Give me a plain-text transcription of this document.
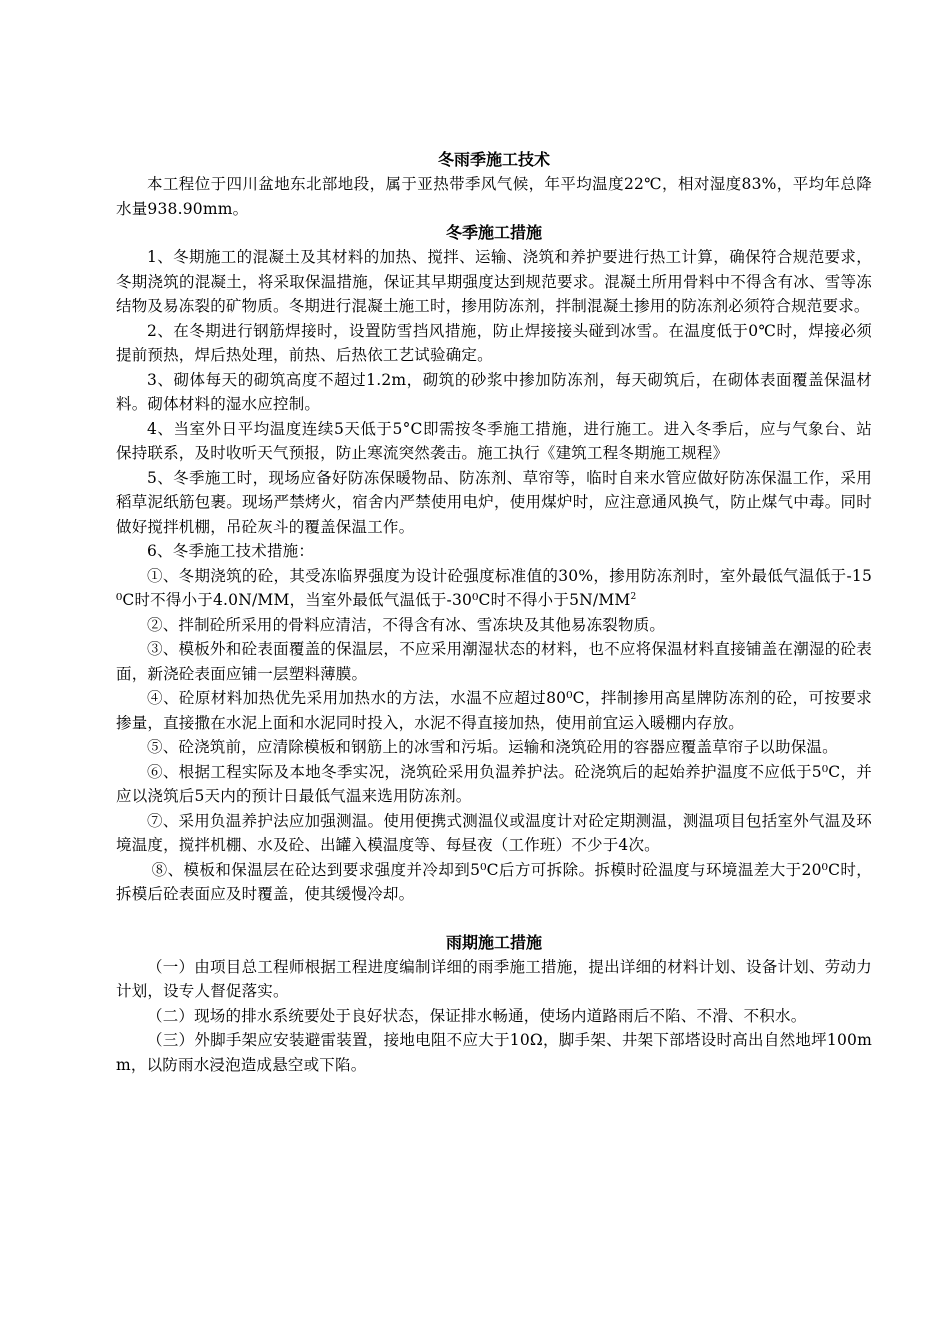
冬雨季施工技术

本工程位于四川盆地东北部地段，属于亚热带季风气候，年平均温度22℃，相对湿度83%，平均年总降水量938.90mm。

冬季施工措施

1、冬期施工的混凝土及其材料的加热、搅拌、运输、浇筑和养护要进行热工计算，确保符合规范要求，冬期浇筑的混凝土，将采取保温措施，保证其早期强度达到规范要求。混凝土所用骨料中不得含有冰、雪等冻结物及易冻裂的矿物质。冬期进行混凝土施工时，掺用防冻剂，拌制混凝土掺用的防冻剂必须符合规范要求。

2、在冬期进行钢筋焊接时，设置防雪挡风措施，防止焊接接头碰到冰雪。在温度低于0℃时，焊接必须提前预热，焊后热处理，前热、后热依工艺试验确定。

3、砌体每天的砌筑高度不超过1.2m，砌筑的砂浆中掺加防冻剂，每天砌筑后，在砌体表面覆盖保温材料。砌体材料的湿水应控制。

4、当室外日平均温度连续5天低于5°C即需按冬季施工措施，进行施工。进入冬季后，应与气象台、站保持联系，及时收听天气预报，防止寒流突然袭击。施工执行《建筑工程冬期施工规程》

5、冬季施工时，现场应备好防冻保暖物品、防冻剂、草帘等，临时自来水管应做好防冻保温工作，采用稻草泥纸筋包裹。现场严禁烤火，宿舍内严禁使用电炉，使用煤炉时，应注意通风换气，防止煤气中毒。同时做好搅拌机棚，吊砼灰斗的覆盖保温工作。

6、冬季施工技术措施：

①、冬期浇筑的砼，其受冻临界强度为设计砼强度标准值的30%，掺用防冻剂时，室外最低气温低于-15⁰C时不得小于4.0N/MM，当室外最低气温低于-30⁰C时不得小于$5N/MM^2$

②、拌制砼所采用的骨料应清洁，不得含有冰、雪冻块及其他易冻裂物质。

③、模板外和砼表面覆盖的保温层，不应采用潮湿状态的材料，也不应将保温材料直接铺盖在潮湿的砼表面，新浇砼表面应铺一层塑料薄膜。

④、砼原材料加热优先采用加热水的方法，水温不应超过80⁰C，拌制掺用高星牌防冻剂的砼，可按要求掺量，直接撒在水泥上面和水泥同时投入，水泥不得直接加热，使用前宜运入暖棚内存放。

⑤、砼浇筑前，应清除模板和钢筋上的冰雪和污垢。运输和浇筑砼用的容器应覆盖草帘子以助保温。

⑥、根据工程实际及本地冬季实况，浇筑砼采用负温养护法。砼浇筑后的起始养护温度不应低于5⁰C，并应以浇筑后5天内的预计日最低气温来选用防冻剂。

⑦、采用负温养护法应加强测温。使用便携式测温仪或温度计对砼定期测温，测温项目包括室外气温及环境温度，搅拌机棚、水及砼、出罐入模温度等、每昼夜（工作班）不少于4次。

⑧、模板和保温层在砼达到要求强度并冷却到5⁰C后方可拆除。拆模时砼温度与环境温差大于20⁰C时，拆模后砼表面应及时覆盖，使其缓慢冷却。

雨期施工措施

（一）由项目总工程师根据工程进度编制详细的雨季施工措施，提出详细的材料计划、设备计划、劳动力计划，设专人督促落实。

（二）现场的排水系统要处于良好状态，保证排水畅通，使场内道路雨后不陷、不滑、不积水。

（三）外脚手架应安装避雷装置，接地电阻不应大于10Ω，脚手架、井架下部塔设时高出自然地坪100mm，以防雨水浸泡造成悬空或下陷。
